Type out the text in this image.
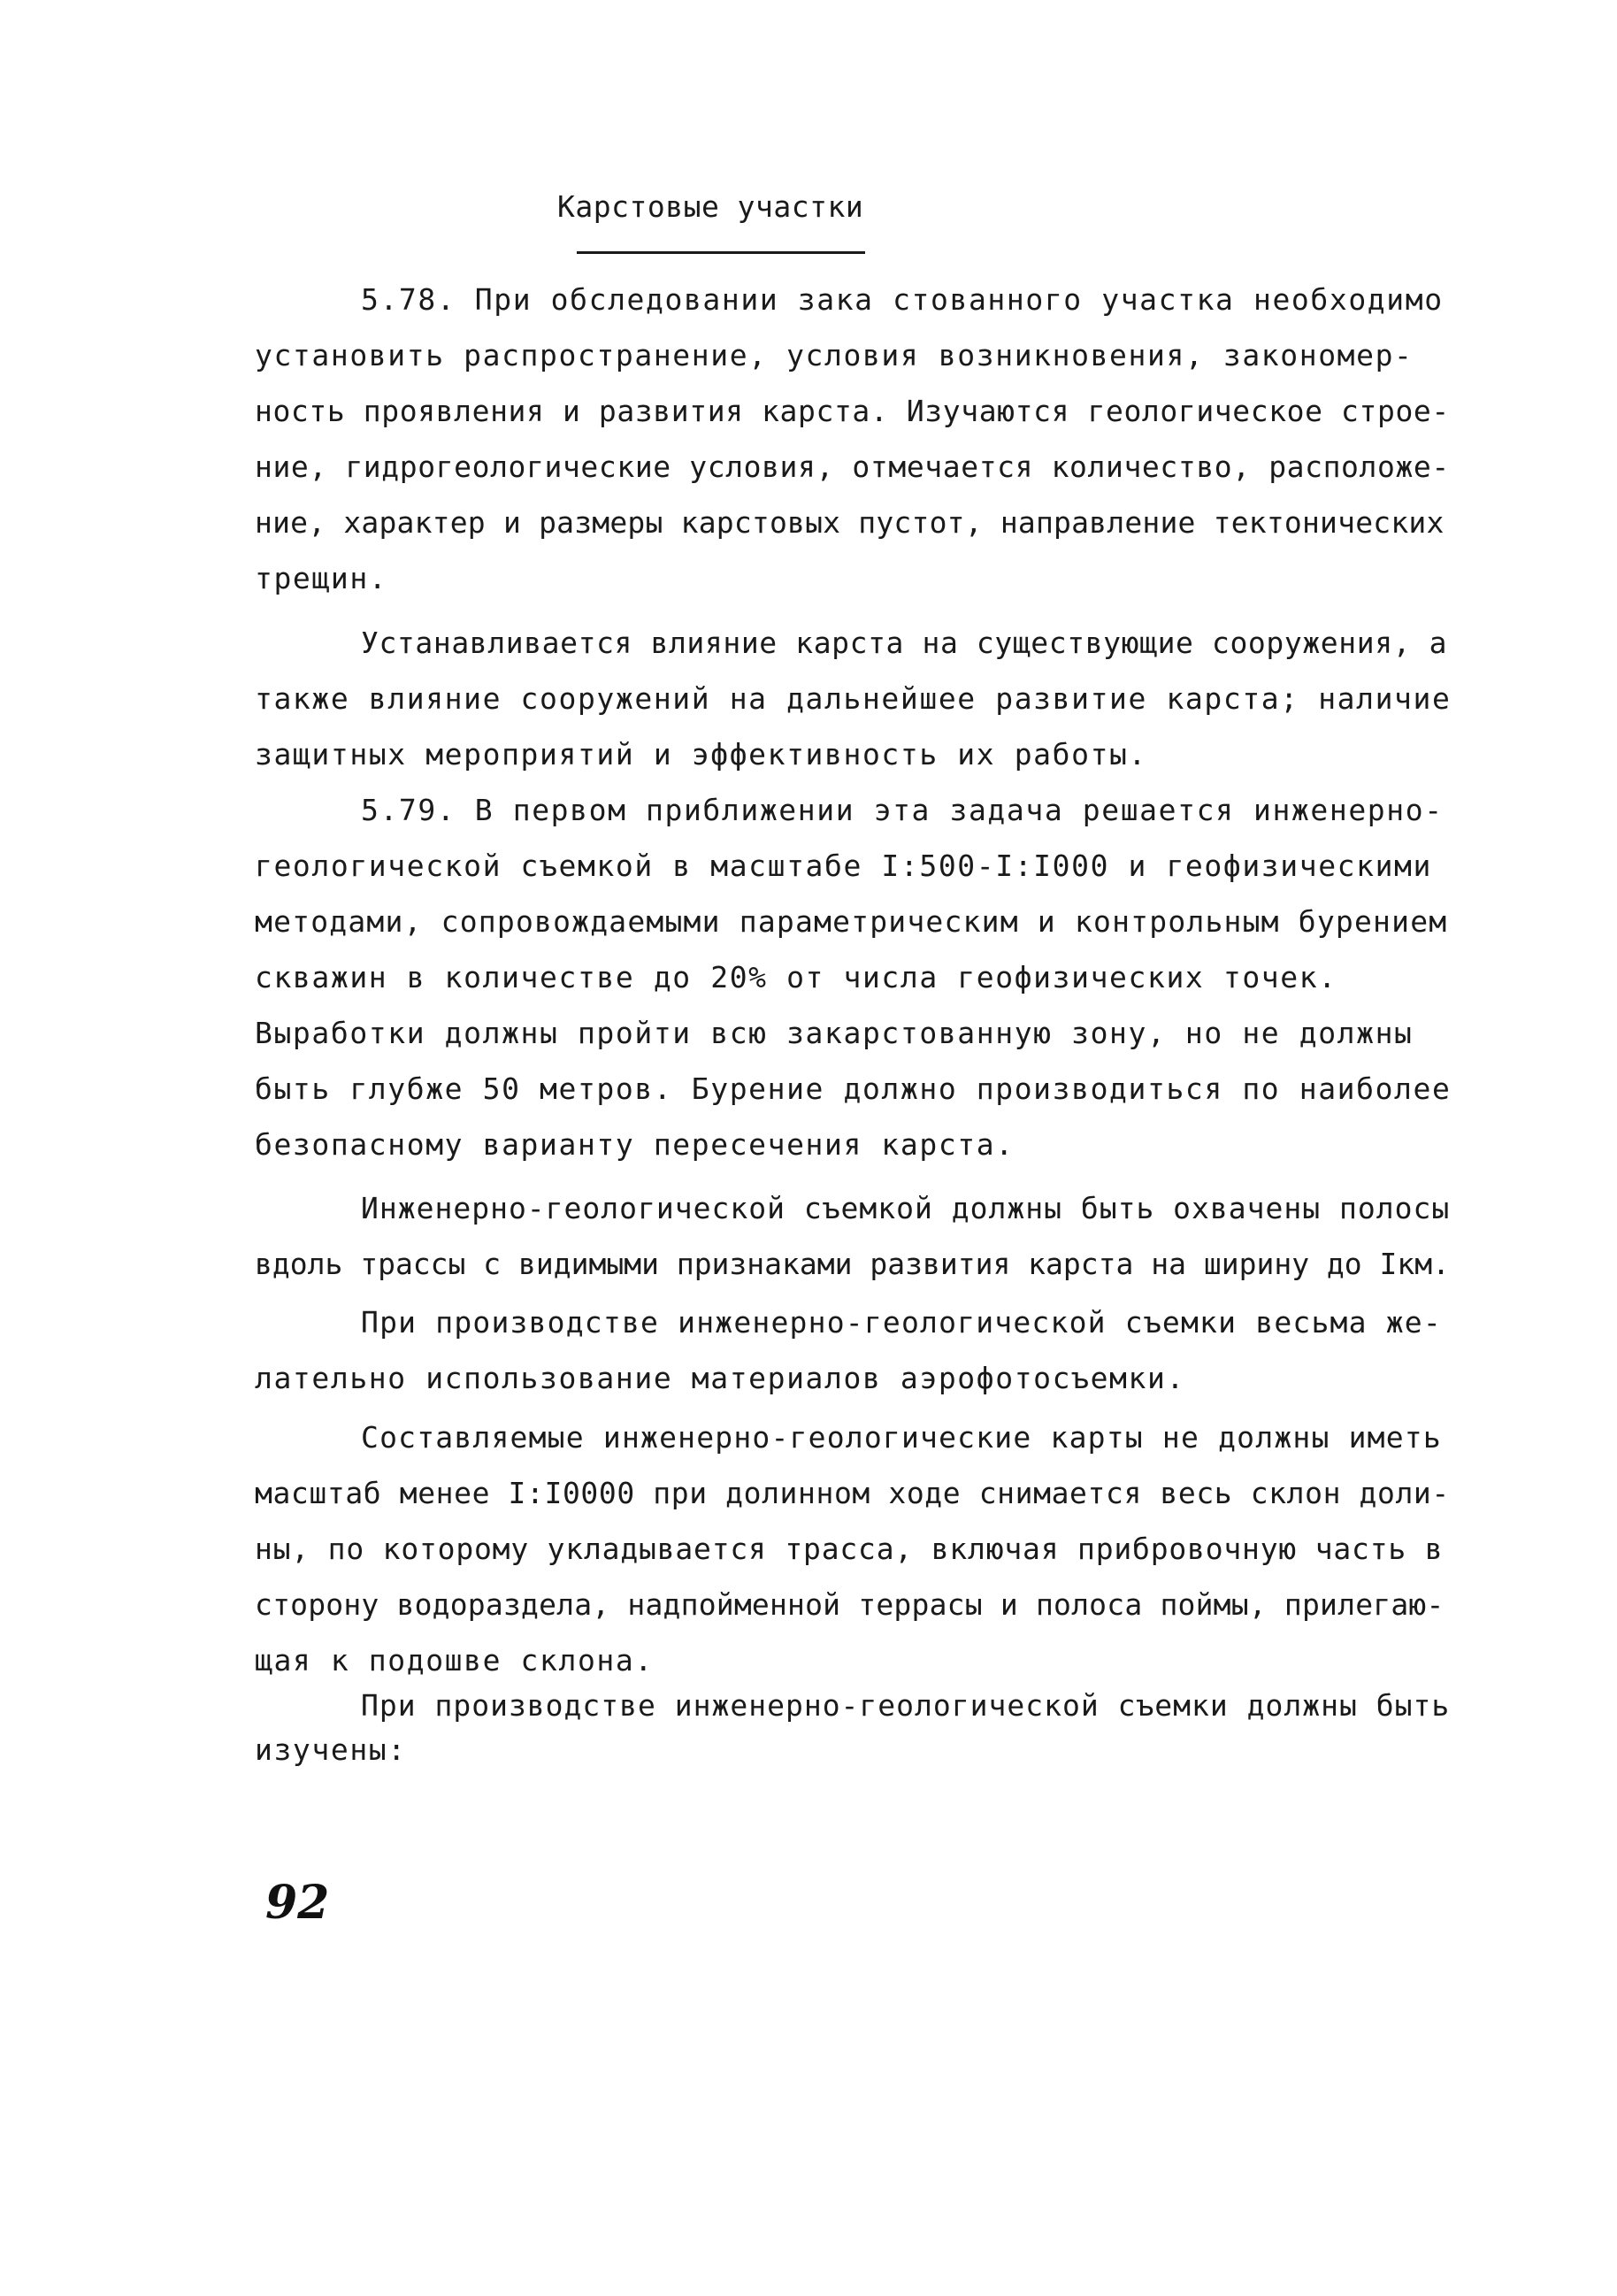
Карстовые участки
5.78. При обследовании зака стованного участка необходимо
установить распространение, условия возникновения, закономер-
ность проявления и развития карста. Изучаются геологическое строе-
ние, гидрогеологические условия, отмечается количество, расположе-
ние, характер и размеры карстовых пустот, направление тектонических
трещин.
Устанавливается влияние карста на существующие сооружения, а
также влияние сооружений на дальнейшее развитие карста; наличие
защитных мероприятий и эффективность их работы.
5.79. В первом приближении эта задача решается инженерно-
геологической съемкой в масштабе I:500-I:I000 и геофизическими
методами, сопровождаемыми параметрическим и контрольным бурением
скважин в количестве до 20% от числа геофизических точек.
Выработки должны пройти всю закарстованную зону, но не должны
быть глубже 50 метров. Бурение должно производиться по наиболее
безопасному варианту пересечения карста.
Инженерно-геологической съемкой должны быть охвачены полосы
вдоль трассы с видимыми признаками развития карста на ширину до Iкм.
При производстве инженерно-геологической съемки весьма же-
лательно использование материалов аэрофотосъемки.
Составляемые инженерно-геологические карты не должны иметь
масштаб менее I:I0000 при долинном ходе снимается весь склон доли-
ны, по которому укладывается трасса, включая прибровочную часть в
сторону водораздела, надпойменной террасы и полоса поймы, прилегаю-
щая к подошве склона.
При производстве инженерно-геологической съемки должны быть
изучены:
92
